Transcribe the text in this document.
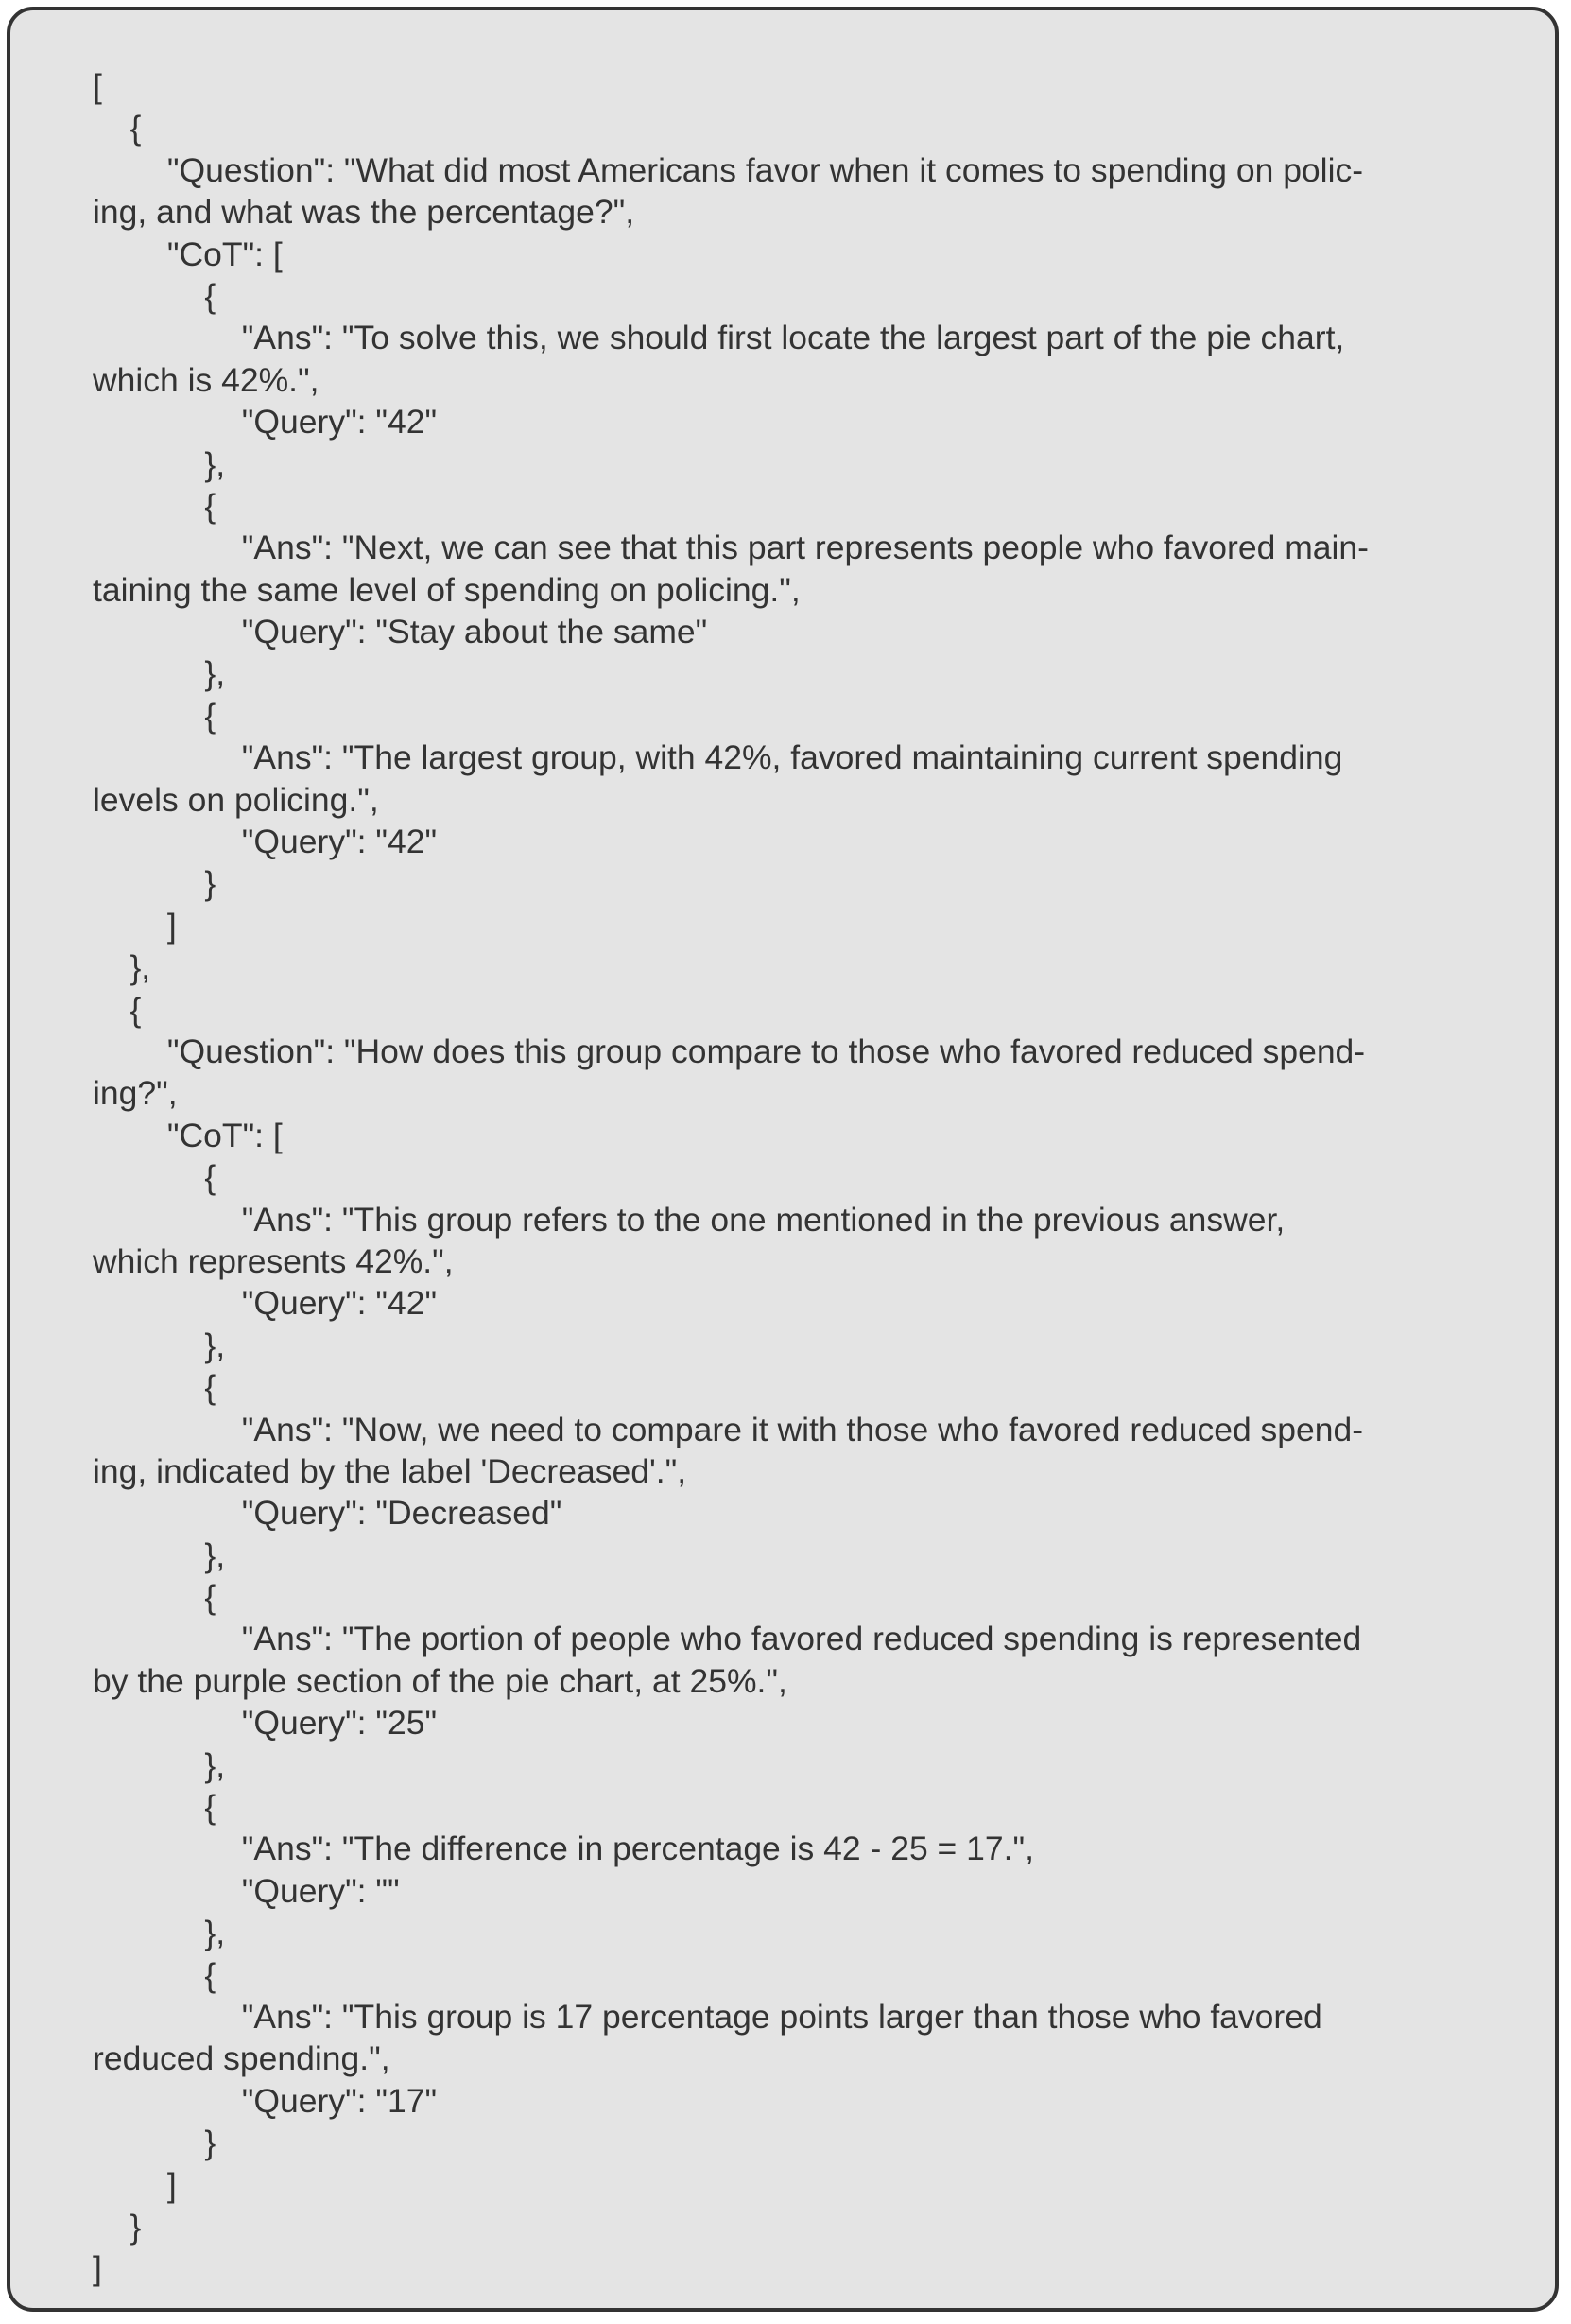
[
{
"Question": "What did most Americans favor when it comes to spending on polic-
ing, and what was the percentage?",
"CoT": [
{
"Ans": "To solve this, we should first locate the largest part of the pie chart,
which is 42%.",
"Query": "42"
},
{
"Ans": "Next, we can see that this part represents people who favored main-
taining the same level of spending on policing.",
"Query": "Stay about the same"
},
{
"Ans": "The largest group, with 42%, favored maintaining current spending
levels on policing.",
"Query": "42"
}
]
},
{
"Question": "How does this group compare to those who favored reduced spend-
ing?",
"CoT": [
{
"Ans": "This group refers to the one mentioned in the previous answer,
which represents 42%.",
"Query": "42"
},
{
"Ans": "Now, we need to compare it with those who favored reduced spend-
ing, indicated by the label 'Decreased'.",
"Query": "Decreased"
},
{
"Ans": "The portion of people who favored reduced spending is represented
by the purple section of the pie chart, at 25%.",
"Query": "25"
},
{
"Ans": "The difference in percentage is 42 - 25 = 17.",
"Query": ""
},
{
"Ans": "This group is 17 percentage points larger than those who favored
reduced spending.",
"Query": "17"
}
]
}
]
